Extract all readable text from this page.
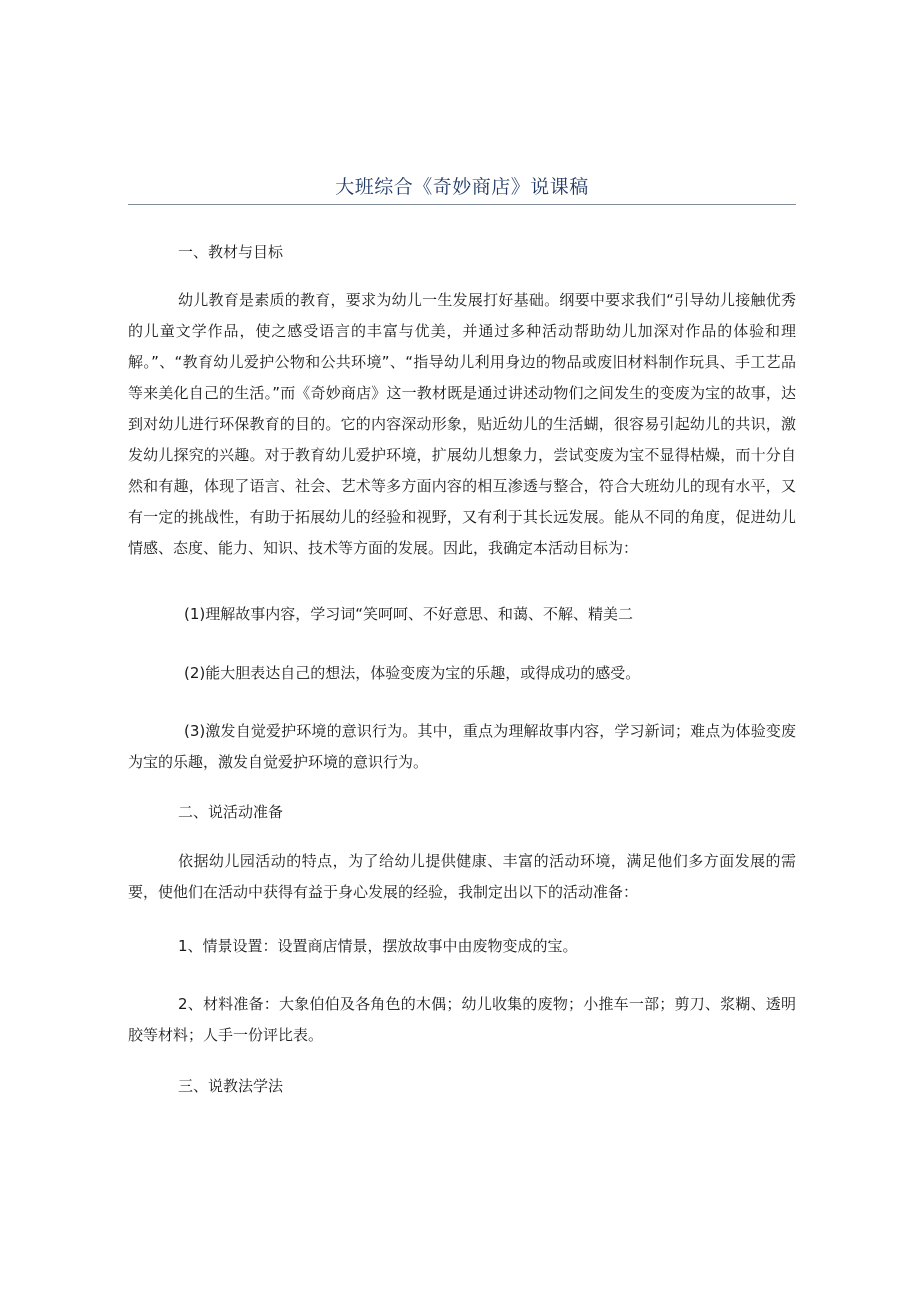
大班综合《奇妙商店》说课稿
一、教材与目标
幼儿教育是素质的教育，要求为幼儿一生发展打好基础。纲要中要求我们“引导幼儿接触优秀的儿童文学作品，使之感受语言的丰富与优美，并通过多种活动帮助幼儿加深对作品的体验和理解。”、“教育幼儿爱护公物和公共环境”、“指导幼儿利用身边的物品或废旧材料制作玩具、手工艺品等来美化自己的生活。”而《奇妙商店》这一教材既是通过讲述动物们之间发生的变废为宝的故事，达到对幼儿进行环保教育的目的。它的内容深动形象，贴近幼儿的生活蝴，很容易引起幼儿的共识，激发幼儿探究的兴趣。对于教育幼儿爱护环境，扩展幼儿想象力，尝试变废为宝不显得枯燥，而十分自然和有趣，体现了语言、社会、艺术等多方面内容的相互渗透与整合，符合大班幼儿的现有水平，又有一定的挑战性，有助于拓展幼儿的经验和视野，又有利于其长远发展。能从不同的角度，促进幼儿情感、态度、能力、知识、技术等方面的发展。因此，我确定本活动目标为：
(1)理解故事内容，学习词“笑呵呵、不好意思、和蔼、不解、精美二
(2)能大胆表达自己的想法，体验变废为宝的乐趣，或得成功的感受。
(3)激发自觉爱护环境的意识行为。其中，重点为理解故事内容，学习新词；难点为体验变废为宝的乐趣，激发自觉爱护环境的意识行为。
二、说活动准备
依据幼儿园活动的特点，为了给幼儿提供健康、丰富的活动环境，满足他们多方面发展的需要，使他们在活动中获得有益于身心发展的经验，我制定出以下的活动准备：
1、情景设置：设置商店情景，摆放故事中由废物变成的宝。
2、材料准备：大象伯伯及各角色的木偶；幼儿收集的废物；小推车一部；剪刀、浆糊、透明胶等材料；人手一份评比表。
三、说教法学法
